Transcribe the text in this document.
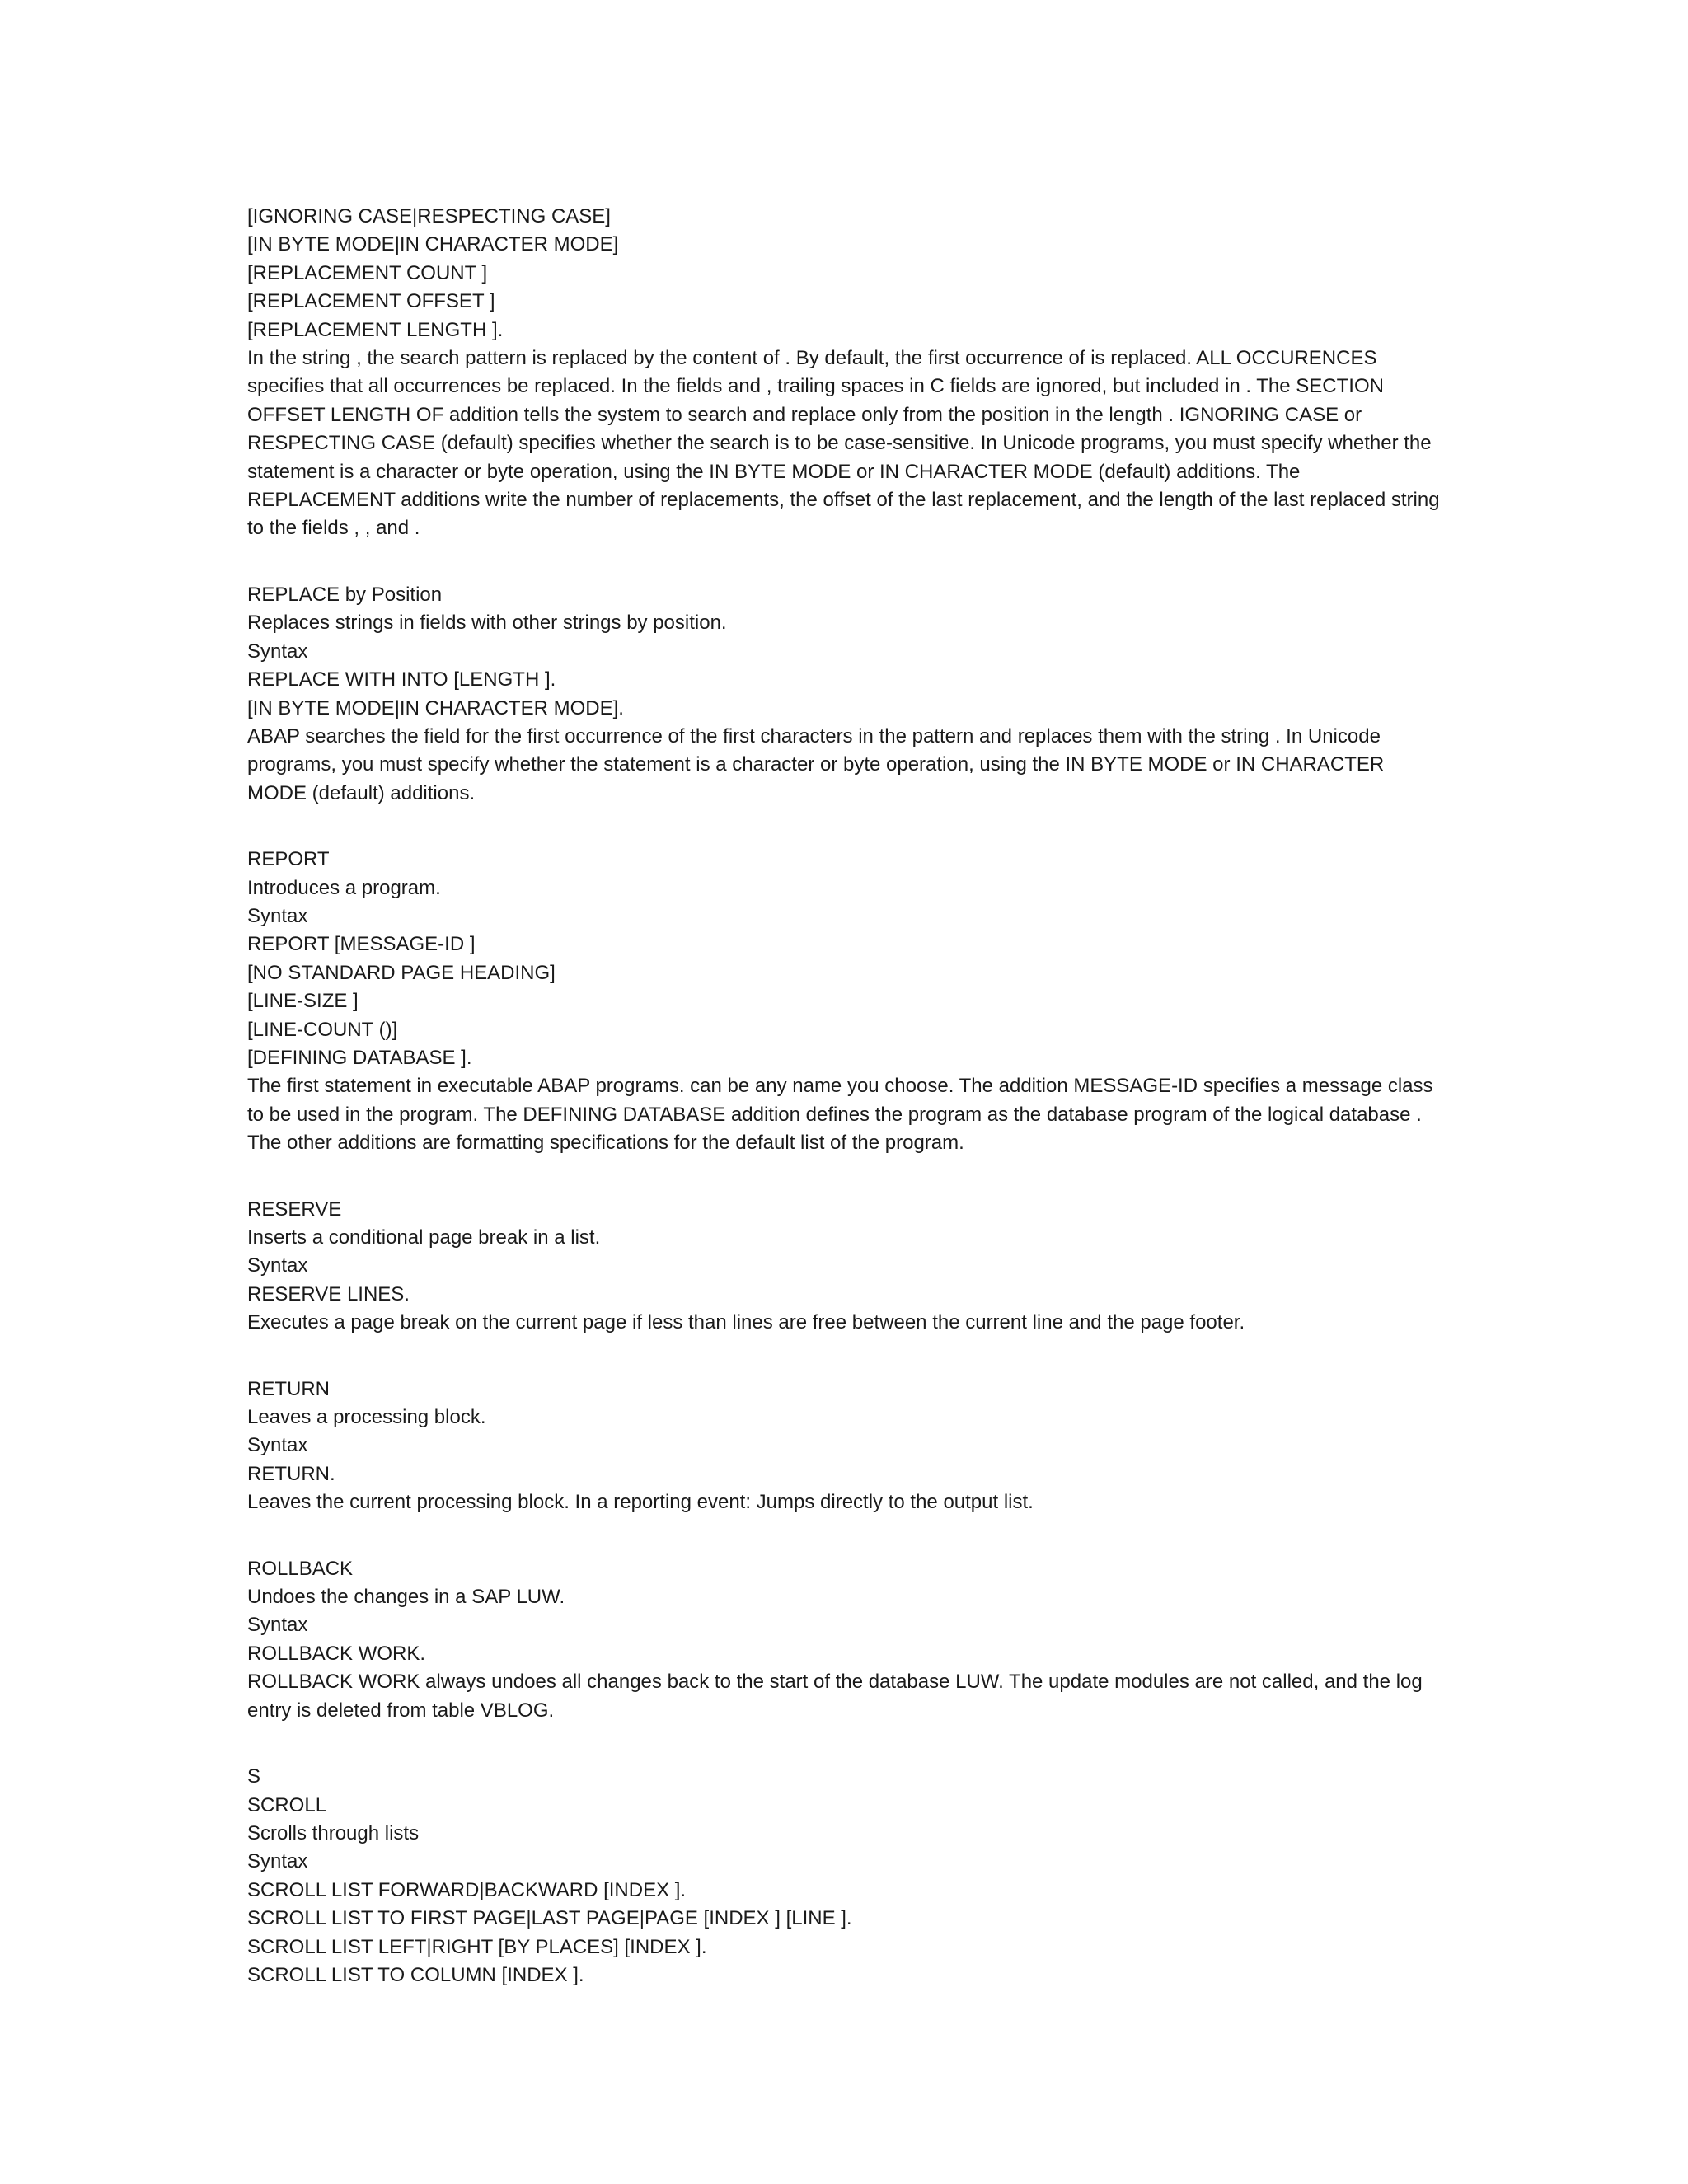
[IGNORING CASE|RESPECTING CASE]

[IN BYTE MODE|IN CHARACTER MODE]

[REPLACEMENT COUNT ]

[REPLACEMENT OFFSET ]

[REPLACEMENT LENGTH ].

In the string , the search pattern is replaced by the content of . By default, the first occurrence of is replaced. ALL OCCURENCES specifies that all occurrences be replaced. In the fields and , trailing spaces in C fields are ignored, but included in . The SECTION OFFSET LENGTH OF addition tells the system to search and replace only from the position in the length . IGNORING CASE or RESPECTING CASE (default) specifies whether the search is to be case-sensitive. In Unicode programs, you must specify whether the statement is a character or byte operation, using the IN BYTE MODE or IN CHARACTER MODE (default) additions. The REPLACEMENT additions write the number of replacements, the offset of the last replacement, and the length of the last replaced string to the fields , , and .

REPLACE by Position

Replaces strings in fields with other strings by position.

Syntax

REPLACE WITH INTO [LENGTH ].

[IN BYTE MODE|IN CHARACTER MODE].

ABAP searches the field for the first occurrence of the first characters in the pattern and replaces them with the string . In Unicode programs, you must specify whether the statement is a character or byte operation, using the IN BYTE MODE or IN CHARACTER MODE (default) additions.

REPORT

Introduces a program.

Syntax

REPORT [MESSAGE-ID ]

[NO STANDARD PAGE HEADING]

[LINE-SIZE ]

[LINE-COUNT ()]

[DEFINING DATABASE ].

The first statement in executable ABAP programs. can be any name you choose. The addition MESSAGE-ID specifies a message class to be used in the program. The DEFINING DATABASE addition defines the program as the database program of the logical database . The other additions are formatting specifications for the default list of the program.

RESERVE

Inserts a conditional page break in a list.

Syntax

RESERVE LINES.

Executes a page break on the current page if less than lines are free between the current line and the page footer.

RETURN

Leaves a processing block.

Syntax

RETURN.

Leaves the current processing block. In a reporting event: Jumps directly to the output list.

ROLLBACK

Undoes the changes in a SAP LUW.

Syntax

ROLLBACK WORK.

ROLLBACK WORK always undoes all changes back to the start of the database LUW. The update modules are not called, and the log entry is deleted from table VBLOG.

S

SCROLL

Scrolls through lists

Syntax

SCROLL LIST FORWARD|BACKWARD [INDEX ].

SCROLL LIST TO FIRST PAGE|LAST PAGE|PAGE [INDEX ] [LINE ].

SCROLL LIST LEFT|RIGHT [BY PLACES] [INDEX ].

SCROLL LIST TO COLUMN [INDEX ].
